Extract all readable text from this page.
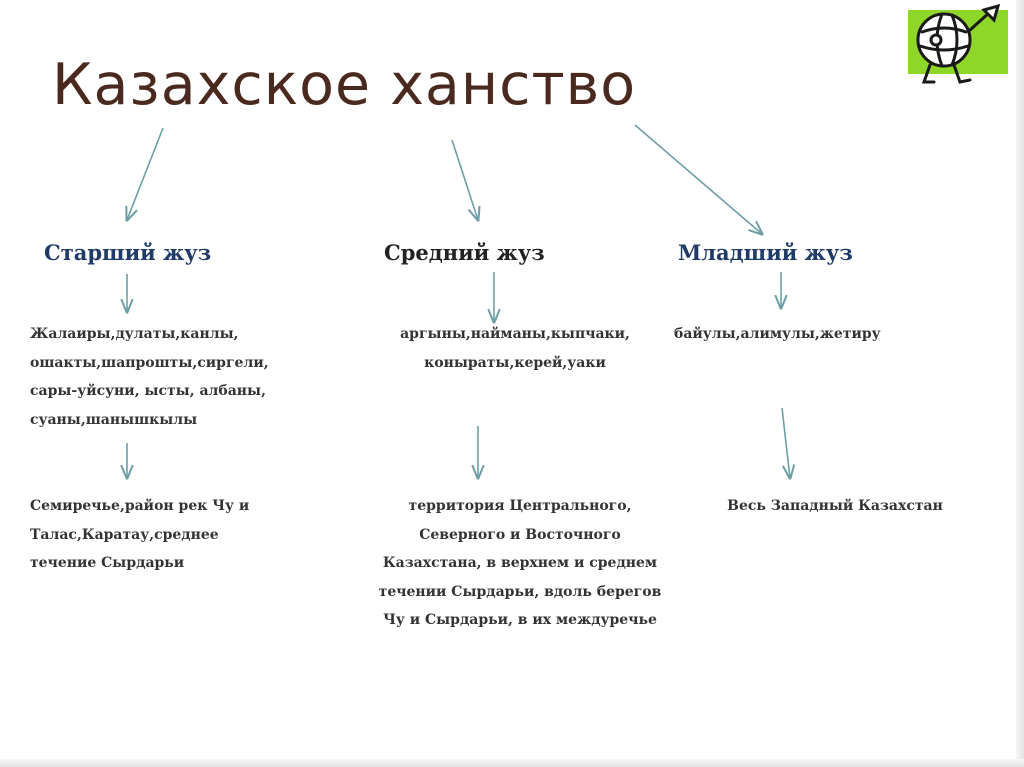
Казахское ханство
Старший жуз	Средний жуз	Младший жуз
Жалаиры,дулаты,канлы,
ошакты,шапрошты,сиргели,
сары-уйсуни, ысты, албаны,
суаны,шанышкылы
аргыны,найманы,кыпчаки,
коныраты,керей,уаки
байулы,алимулы,жетиру
Семиречье,район рек Чу и
Талас,Каратау,среднее
течение Сырдарьи
территория Центрального,
Северного и Восточного
Казахстана, в верхнем и среднем
течении Сырдарьи, вдоль берегов
Чу и Сырдарьи, в их междуречье
Весь Западный Казахстан
